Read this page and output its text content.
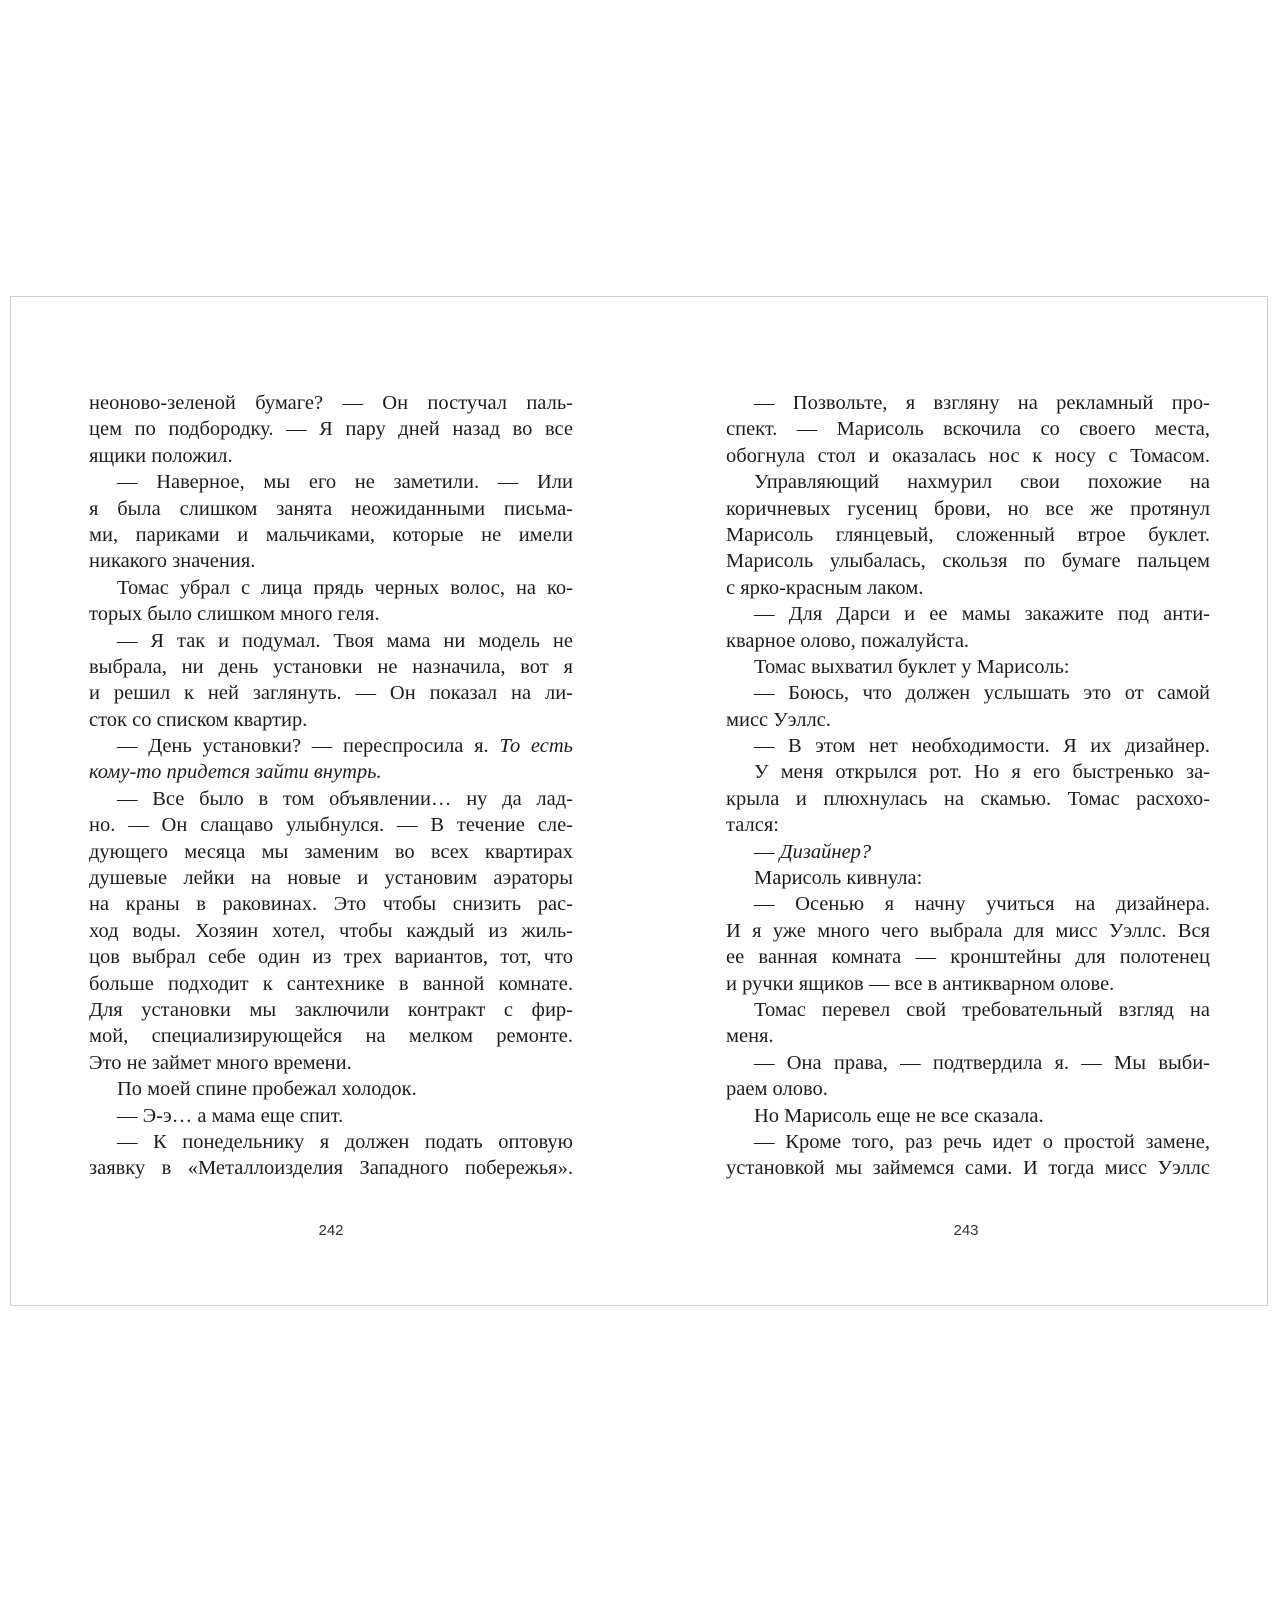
неоново-зеленой бумаге? — Он постучал паль-
цем по подбородку. — Я пару дней назад во все
ящики положил.
— Наверное, мы его не заметили. — Или
я была слишком занята неожиданными письма-
ми, париками и мальчиками, которые не имели
никакого значения.
Томас убрал с лица прядь черных волос, на ко-
торых было слишком много геля.
— Я так и подумал. Твоя мама ни модель не
выбрала, ни день установки не назначила, вот я
и решил к ней заглянуть. — Он показал на ли-
сток со списком квартир.
— День установки? — переспросила я. То есть
кому-то придется зайти внутрь.
— Все было в том объявлении… ну да лад-
но. — Он слащаво улыбнулся. — В течение сле-
дующего месяца мы заменим во всех квартирах
душевые лейки на новые и установим аэраторы
на краны в раковинах. Это чтобы снизить рас-
ход воды. Хозяин хотел, чтобы каждый из жиль-
цов выбрал себе один из трех вариантов, тот, что
больше подходит к сантехнике в ванной комнате.
Для установки мы заключили контракт с фир-
мой, специализирующейся на мелком ремонте.
Это не займет много времени.
По моей спине пробежал холодок.
— Э-э… а мама еще спит.
— К понедельнику я должен подать оптовую
заявку в «Металлоизделия Западного побережья».
— Позвольте, я взгляну на рекламный про-
спект. — Марисоль вскочила со своего места,
обогнула стол и оказалась нос к носу с Томасом.
Управляющий нахмурил свои похожие на
коричневых гусениц брови, но все же протянул
Марисоль глянцевый, сложенный втрое буклет.
Марисоль улыбалась, скользя по бумаге пальцем
с ярко-красным лаком.
— Для Дарси и ее мамы закажите под анти-
кварное олово, пожалуйста.
Томас выхватил буклет у Марисоль:
— Боюсь, что должен услышать это от самой
мисс Уэллс.
— В этом нет необходимости. Я их дизайнер.
У меня открылся рот. Но я его быстренько за-
крыла и плюхнулась на скамью. Томас расхохо-
тался:
— Дизайнер?
Марисоль кивнула:
— Осенью я начну учиться на дизайнера.
И я уже много чего выбрала для мисс Уэллс. Вся
ее ванная комната — кронштейны для полотенец
и ручки ящиков — все в антикварном олове.
Томас перевел свой требовательный взгляд на
меня.
— Она права, — подтвердила я. — Мы выби-
раем олово.
Но Марисоль еще не все сказала.
— Кроме того, раз речь идет о простой замене,
установкой мы займемся сами. И тогда мисс Уэллс
242	243
